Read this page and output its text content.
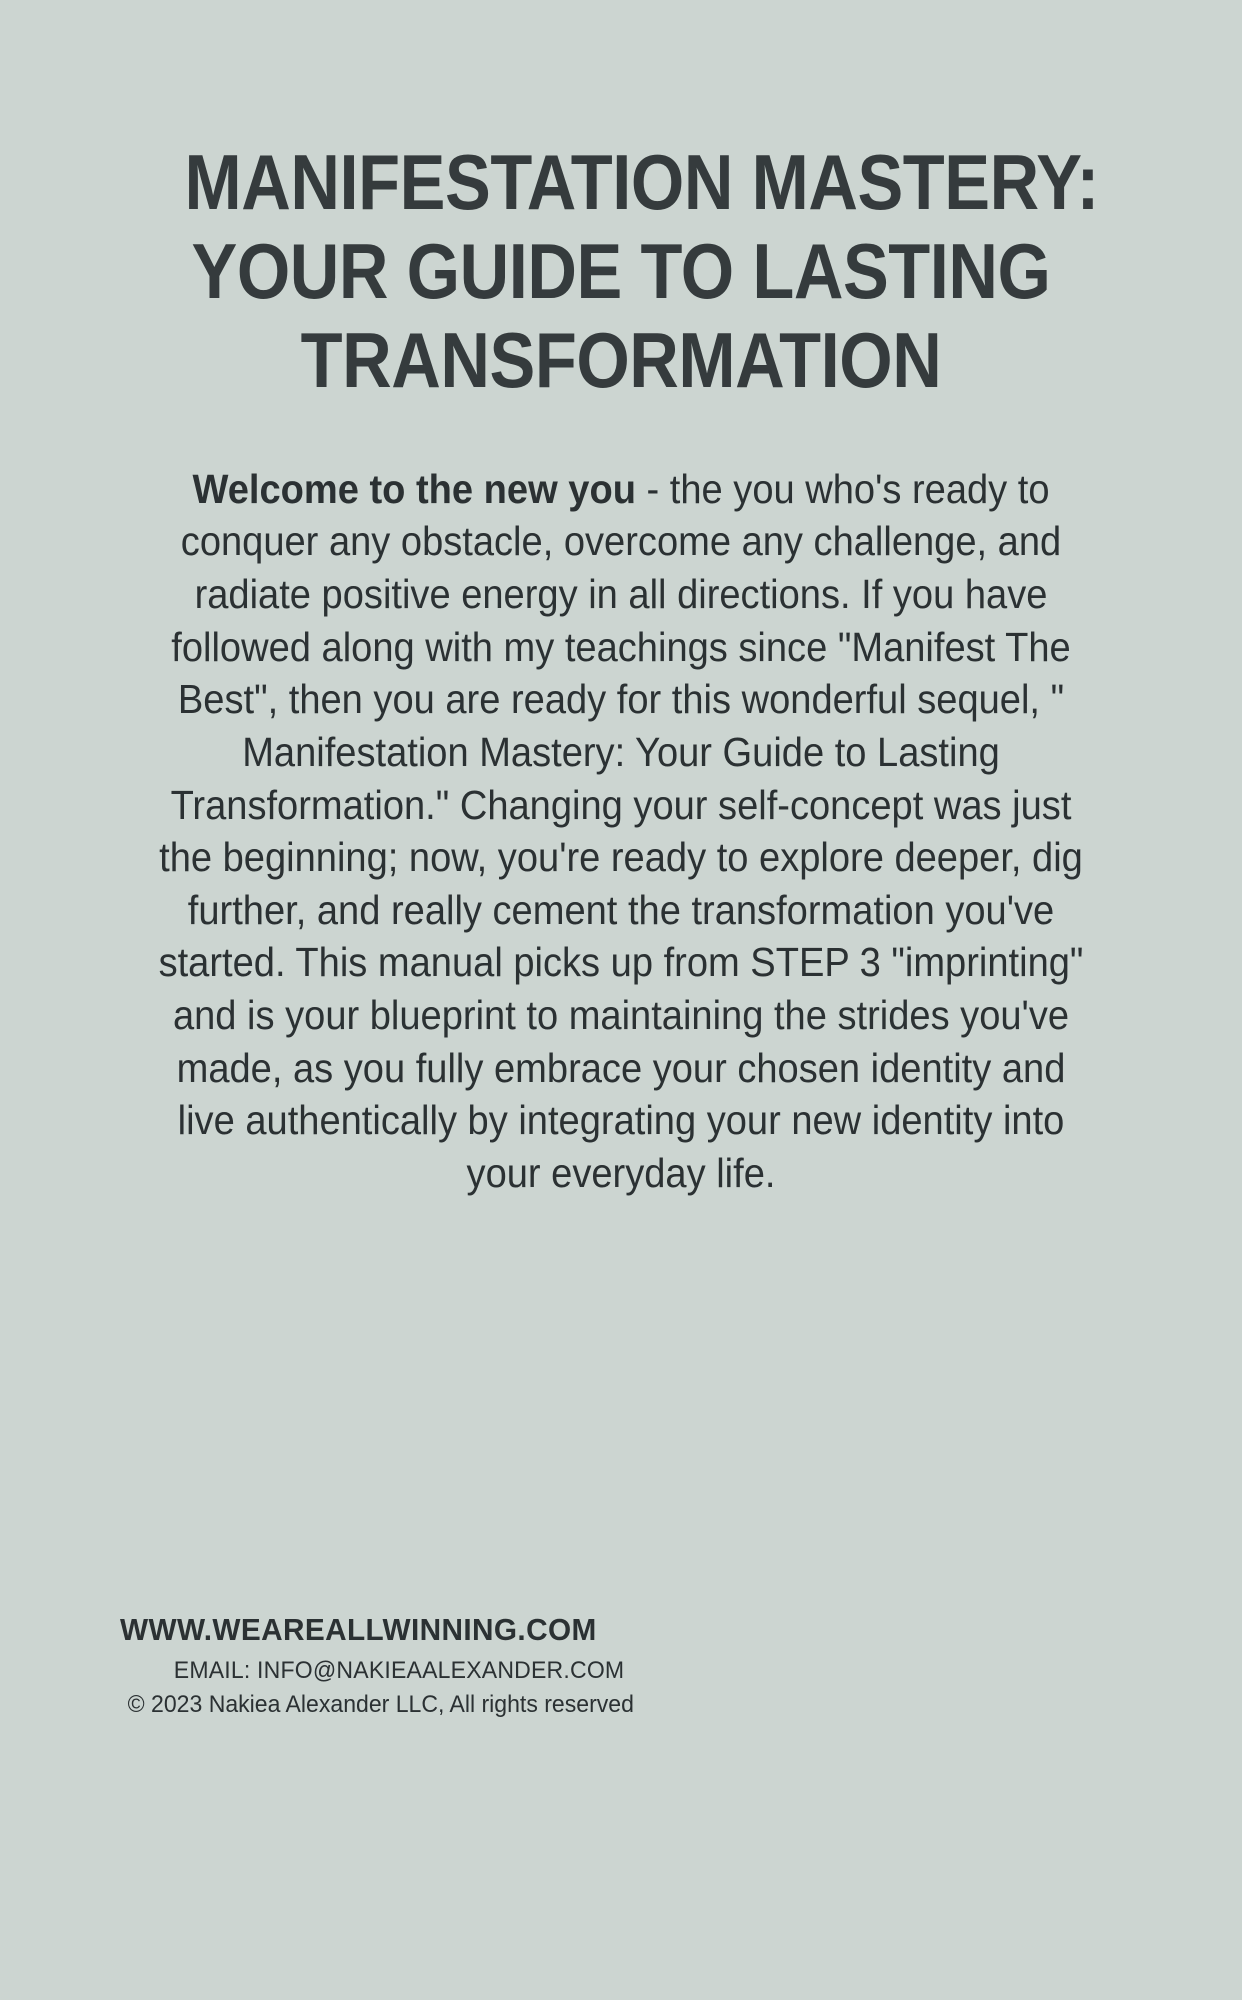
MANIFESTATION MASTERY:
YOUR GUIDE TO LASTING
TRANSFORMATION

Welcome to the new you - the you who's ready to conquer any obstacle, overcome any challenge, and radiate positive energy in all directions. If you have followed along with my teachings since "Manifest The Best", then you are ready for this wonderful sequel, " Manifestation Mastery: Your Guide to Lasting Transformation." Changing your self-concept was just the beginning; now, you're ready to explore deeper, dig further, and really cement the transformation you've started. This manual picks up from STEP 3 "imprinting" and is your blueprint to maintaining the strides you've made, as you fully embrace your chosen identity and live authentically by integrating your new identity into your everyday life.

WWW.WEAREALLWINNING.COM
EMAIL: INFO@NAKIEAALEXANDER.COM
© 2023 Nakiea Alexander LLC, All rights reserved
